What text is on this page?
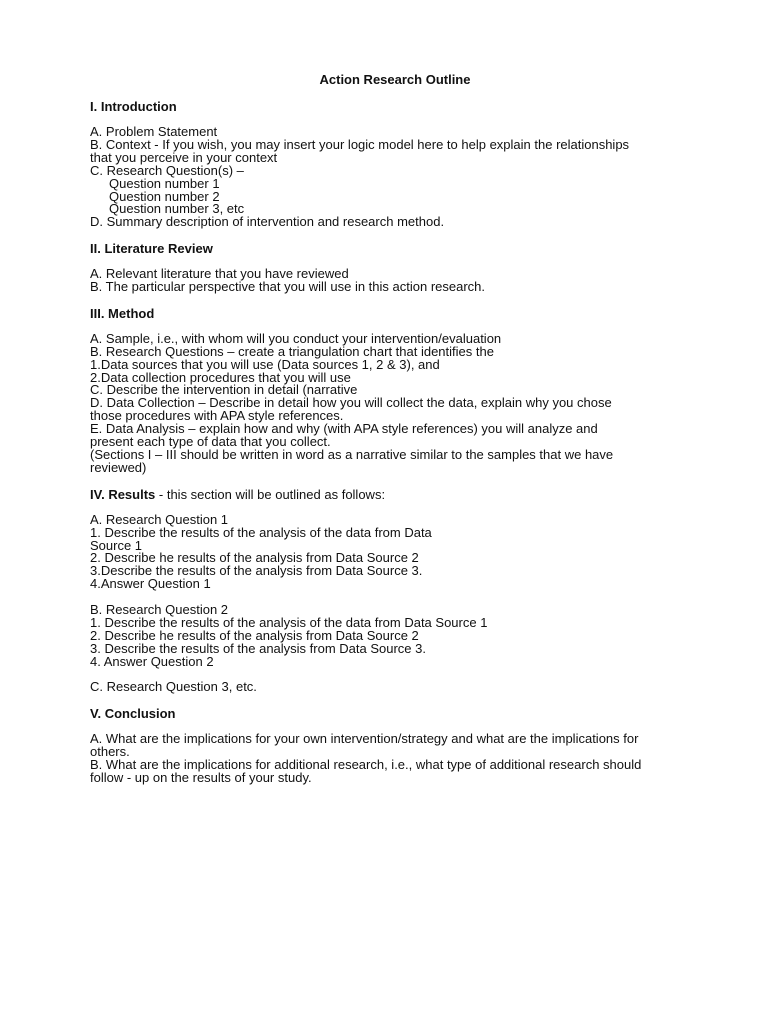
Action Research Outline
I. Introduction
A. Problem Statement
B. Context - If you wish, you may insert your logic model here to help explain the relationships
that you perceive in your context
C. Research Question(s) –
Question number 1
Question number 2
Question number 3, etc
D. Summary description of intervention and research method.
II. Literature Review
A. Relevant literature that you have reviewed
B. The particular perspective that you will use in this action research.
III. Method
A. Sample, i.e., with whom will you conduct your intervention/evaluation
B. Research Questions – create a triangulation chart that identifies the
1.Data sources that you will use (Data sources 1, 2 & 3), and
2.Data collection procedures that you will use
C. Describe the intervention in detail (narrative
D. Data Collection – Describe in detail how you will collect the data, explain why you chose
those procedures with APA style references.
E. Data Analysis – explain how and why (with APA style references) you will analyze and
present each type of data that you collect.
(Sections I – III should be written in word as a narrative similar to the samples that we have
reviewed)
IV. Results - this section will be outlined as follows:
A. Research Question 1
1. Describe the results of the analysis of the data from Data
Source 1
2. Describe he results of the analysis from Data Source 2
3.Describe the results of the analysis from Data Source 3.
4.Answer Question 1
B. Research Question 2
1. Describe the results of the analysis of the data from Data Source 1
2. Describe he results of the analysis from Data Source 2
3. Describe the results of the analysis from Data Source 3.
4. Answer Question 2
C. Research Question 3, etc.
V. Conclusion
A. What are the implications for your own intervention/strategy and what are the implications for
others.
B. What are the implications for additional research, i.e., what type of additional research should
follow - up on the results of your study.
